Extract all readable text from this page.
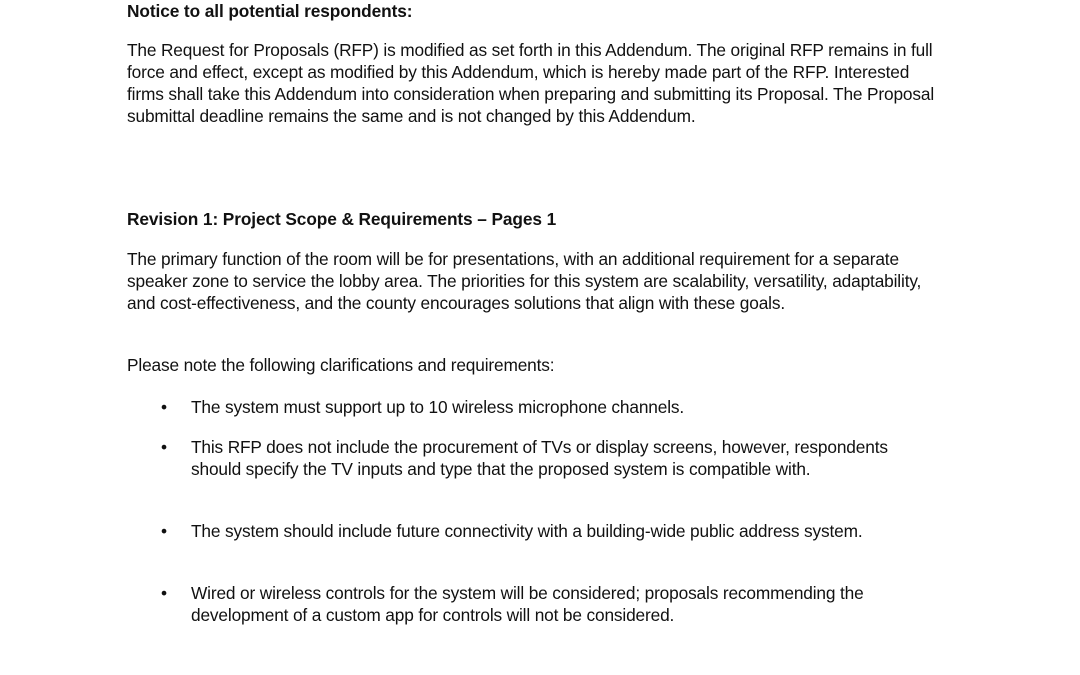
Notice to all potential respondents:

The Request for Proposals (RFP) is modified as set forth in this Addendum. The original RFP remains in full force and effect, except as modified by this Addendum, which is hereby made part of the RFP. Interested firms shall take this Addendum into consideration when preparing and submitting its Proposal. The Proposal submittal deadline remains the same and is not changed by this Addendum.

Revision 1: Project Scope & Requirements – Pages 1

The primary function of the room will be for presentations, with an additional requirement for a separate speaker zone to service the lobby area. The priorities for this system are scalability, versatility, adaptability, and cost-effectiveness, and the county encourages solutions that align with these goals.

Please note the following clarifications and requirements:

• The system must support up to 10 wireless microphone channels.
• This RFP does not include the procurement of TVs or display screens, however, respondents should specify the TV inputs and type that the proposed system is compatible with.
• The system should include future connectivity with a building-wide public address system.
• Wired or wireless controls for the system will be considered; proposals recommending the development of a custom app for controls will not be considered.
